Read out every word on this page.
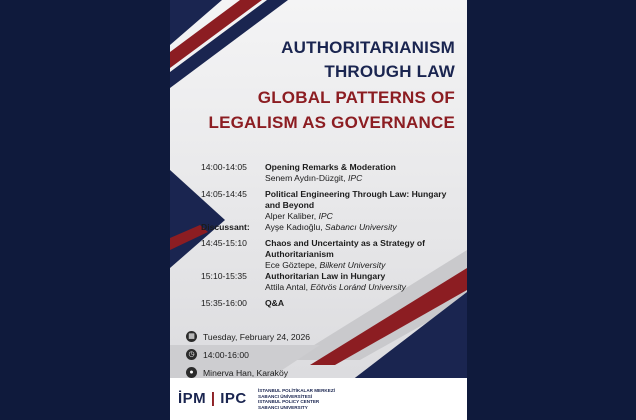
AUTHORITARIANISM
THROUGH LAW
GLOBAL PATTERNS OF
LEGALISM AS GOVERNANCE
14:00-14:05	Opening Remarks & Moderation
Senem Aydın-Düzgit, IPC
14:05-14:45	Political Engineering Through Law: Hungary and Beyond
Alper Kaliber, IPC
Discussant:	Ayşe Kadıoğlu, Sabancı University
14:45-15:10	Chaos and Uncertainty as a Strategy of Authoritarianism
Ece Göztepe, Bilkent University
15:10-15:35	Authoritarian Law in Hungary
Attila Antal, Eötvös Loránd University
15:35-16:00	Q&A
▦ Tuesday, February 24, 2026
◷ 14:00-16:00
●	Minerva Han, Karaköy
İPM | IPC İSTANBUL POLİTİKALAR MERKEZİ
SABANCI ÜNİVERSİTESİ
ISTANBUL POLICY CENTER
SABANCI UNIVERSITY
